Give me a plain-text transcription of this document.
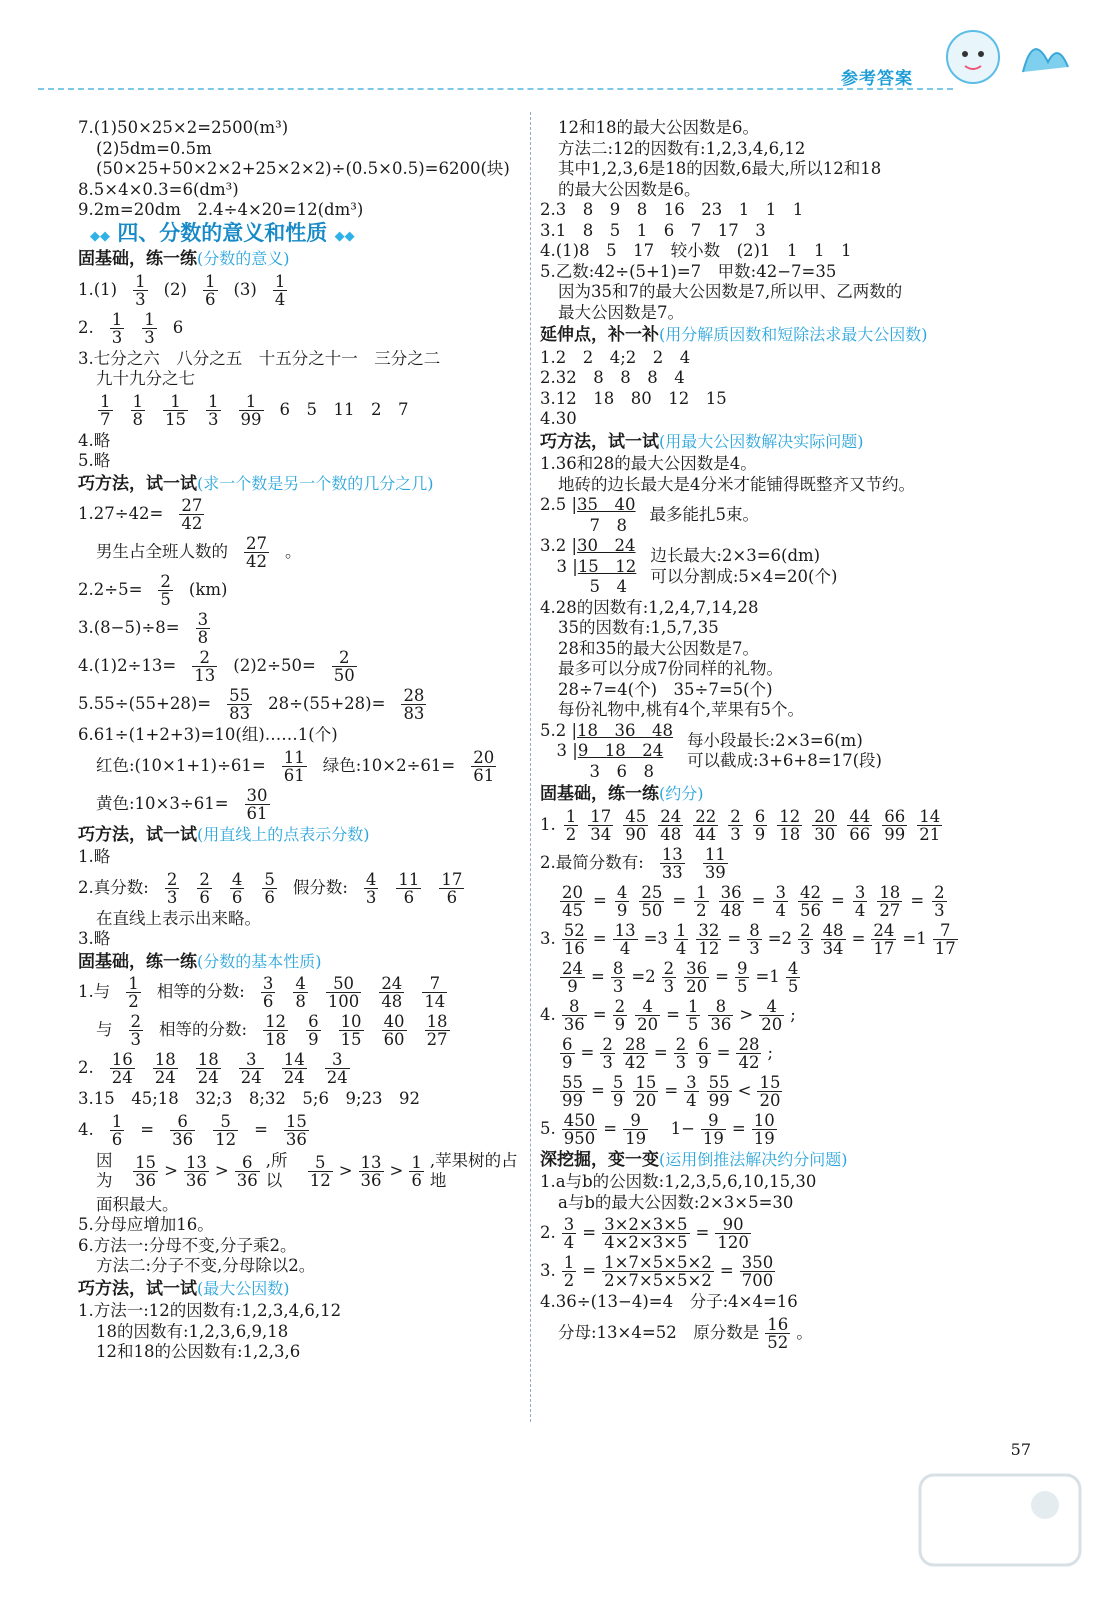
参考答案
7.(1)50×25×2=2500(m³)
(2)5dm=0.5m
(50×25+50×2×2+25×2×2)÷(0.5×0.5)=6200(块)
8.5×4×0.3=6(dm³)
9.2m=20dm　2.4÷4×20=12(dm³)
◆◆ 四、分数的意义和性质 ◆◆
固基础，练一练(分数的意义)
$1.(1) \frac{1}{3} (2) \frac{1}{6} (3) \frac{1}{4}$
2. $\frac{1}{3} \frac{1}{3} 6$
3.七分之六　八分之五　十五分之十一　三分之二
九十九分之七
$\frac{1}{7} \frac{1}{8} \frac{1}{15} \frac{1}{3} \frac{1}{99} 6$　5　11　2　7
4.略
5.略
巧方法，试一试(求一个数是另一个数的几分之几)
$1.27\div 42= \frac{27}{42}$
男生占全班人数的 $\frac{27}{42}$ 。
$2.2\div 5= \frac{2}{5} (km)$
$3.(8-5)\div 8= \frac{3}{8}$
$4.(1)2\div 13= \frac{2}{13} (2)2\div 50= \frac{2}{50}$
$5.55\div(55+28)= \frac{55}{83} 28\div(55+28)= \frac{28}{83}$
6.61÷(1+2+3)=10(组)……1(个)
红色:(10×1+1)÷61= $\frac{11}{61}$ 绿色:10×2÷61= $\frac{20}{61}$
黄色:10×3÷61= $\frac{30}{61}$
巧方法，试一试(用直线上的点表示分数)
1.略
2.真分数: $\frac{2}{3} \frac{2}{6} \frac{4}{6} \frac{5}{6}$ 假分数: $\frac{4}{3} \frac{11}{6} \frac{17}{6}$
在直线上表示出来略。
3.略
固基础，练一练(分数的基本性质)
1.与 $\frac{1}{2}$ 相等的分数: $\frac{3}{6} \frac{4}{8} \frac{50}{100} \frac{24}{48} \frac{7}{14}$
与 $\frac{2}{3}$ 相等的分数: $\frac{12}{18} \frac{6}{9} \frac{10}{15} \frac{40}{60} \frac{18}{27}$
2. $\frac{16}{24} \frac{18}{24} \frac{18}{24} \frac{3}{24} \frac{14}{24} \frac{3}{24}$
3.15　45;18　32;3　8;32　5;6　9;23　92
4. $\frac{1}{6} = \frac{6}{36} \frac{5}{12} = \frac{15}{36}$
因为	$\frac{15}{36} > \frac{13}{36} > \frac{6}{36}$ ,所以	$\frac{5}{12} > \frac{13}{36} > \frac{1}{6}$ ,苹果树的占地
面积最大。
5.分母应增加16。
6.方法一:分母不变,分子乘2。
方法二:分子不变,分母除以2。
巧方法，试一试(最大公因数)
1.方法一:12的因数有:1,2,3,4,6,12
18的因数有:1,2,3,6,9,18
12和18的公因数有:1,2,3,6
12和18的最大公因数是6。
方法二:12的因数有:1,2,3,4,6,12
其中1,2,3,6是18的因数,6最大,所以12和18
的最大公因数是6。
2.3　8　9　8　16　23　1　1　1
3.1　8　5　1　6　7　17　3
4.(1)8　5　17　较小数　(2)1　1　1　1
5.乙数:42÷(5+1)=7　甲数:42−7=35
因为35和7的最大公因数是7,所以甲、乙两数的
最大公因数是7。
延伸点，补一补(用分解质因数和短除法求最大公因数)
1.2　2　4;2　2　4
2.32　8　8　8　4
3.12　18　80　12　15
4.30
巧方法，试一试(用最大公因数解决实际问题)
1.36和28的最大公因数是4。
地砖的边长最大是4分米才能铺得既整齐又节约。
2.5 |35　40
　　　7　8
最多能扎5束。
3.2 |30　24
　3 |15　12
　　　5　4
边长最大:2×3=6(dm)
可以分割成:5×4=20(个)
4.28的因数有:1,2,4,7,14,28
35的因数有:1,5,7,35
28和35的最大公因数是7。
最多可以分成7份同样的礼物。
28÷7=4(个)　35÷7=5(个)
每份礼物中,桃有4个,苹果有5个。
5.2 |18　36　48
　3 |9　18　24
　　　3　6　8
每小段最长:2×3=6(m)
可以截成:3+6+8=17(段)
固基础，练一练(约分)
1. $\frac{1}{2} \frac{17}{34} \frac{45}{90} \frac{24}{48} \frac{22}{44} \frac{2}{3} \frac{6}{9} \frac{12}{18} \frac{20}{30} \frac{44}{66} \frac{66}{99} \frac{14}{21}$
2.最简分数有: $\frac{13}{33} \frac{11}{39}$
$\frac{20}{45} = \frac{4}{9} \frac{25}{50} = \frac{1}{2} \frac{36}{48} = \frac{3}{4} \frac{42}{56} = \frac{3}{4} \frac{18}{27} = \frac{2}{3}$
3. $\frac{52}{16} = \frac{13}{4} =3 \frac{1}{4} \frac{32}{12} = \frac{8}{3} =2 \frac{2}{3} \frac{48}{34} = \frac{24}{17} =1 \frac{7}{17}$
$\frac{24}{9} = \frac{8}{3} =2 \frac{2}{3} \frac{36}{20} = \frac{9}{5} =1 \frac{4}{5}$
4. $\frac{8}{36} = \frac{2}{9} \frac{4}{20} = \frac{1}{5} \frac{8}{36} > \frac{4}{20}$ ;
$\frac{6}{9} = \frac{2}{3} \frac{28}{42} = \frac{2}{3} \frac{6}{9} = \frac{28}{42}$ ;
$\frac{55}{99} = \frac{5}{9} \frac{15}{20} = \frac{3}{4} \frac{55}{99} < \frac{15}{20}$
5. $\frac{450}{950} = \frac{9}{19}$ 　$1- \frac{9}{19} = \frac{10}{19}$
深挖掘，变一变(运用倒推法解决约分问题)
1.a与b的公因数:1,2,3,5,6,10,15,30
a与b的最大公因数:2×3×5=30
2. $\frac{3}{4} = \frac{3\times 2\times 3\times 5}{4\times 2\times 3\times 5} = \frac{90}{120}$
3. $\frac{1}{2} = \frac{1\times 7\times 5\times 5\times 2}{2\times 7\times 5\times 5\times 2} = \frac{350}{700}$
4.36÷(13−4)=4　分子:4×4=16
分母:13×4=52　原分数是 $\frac{16}{52}$ 。
57
